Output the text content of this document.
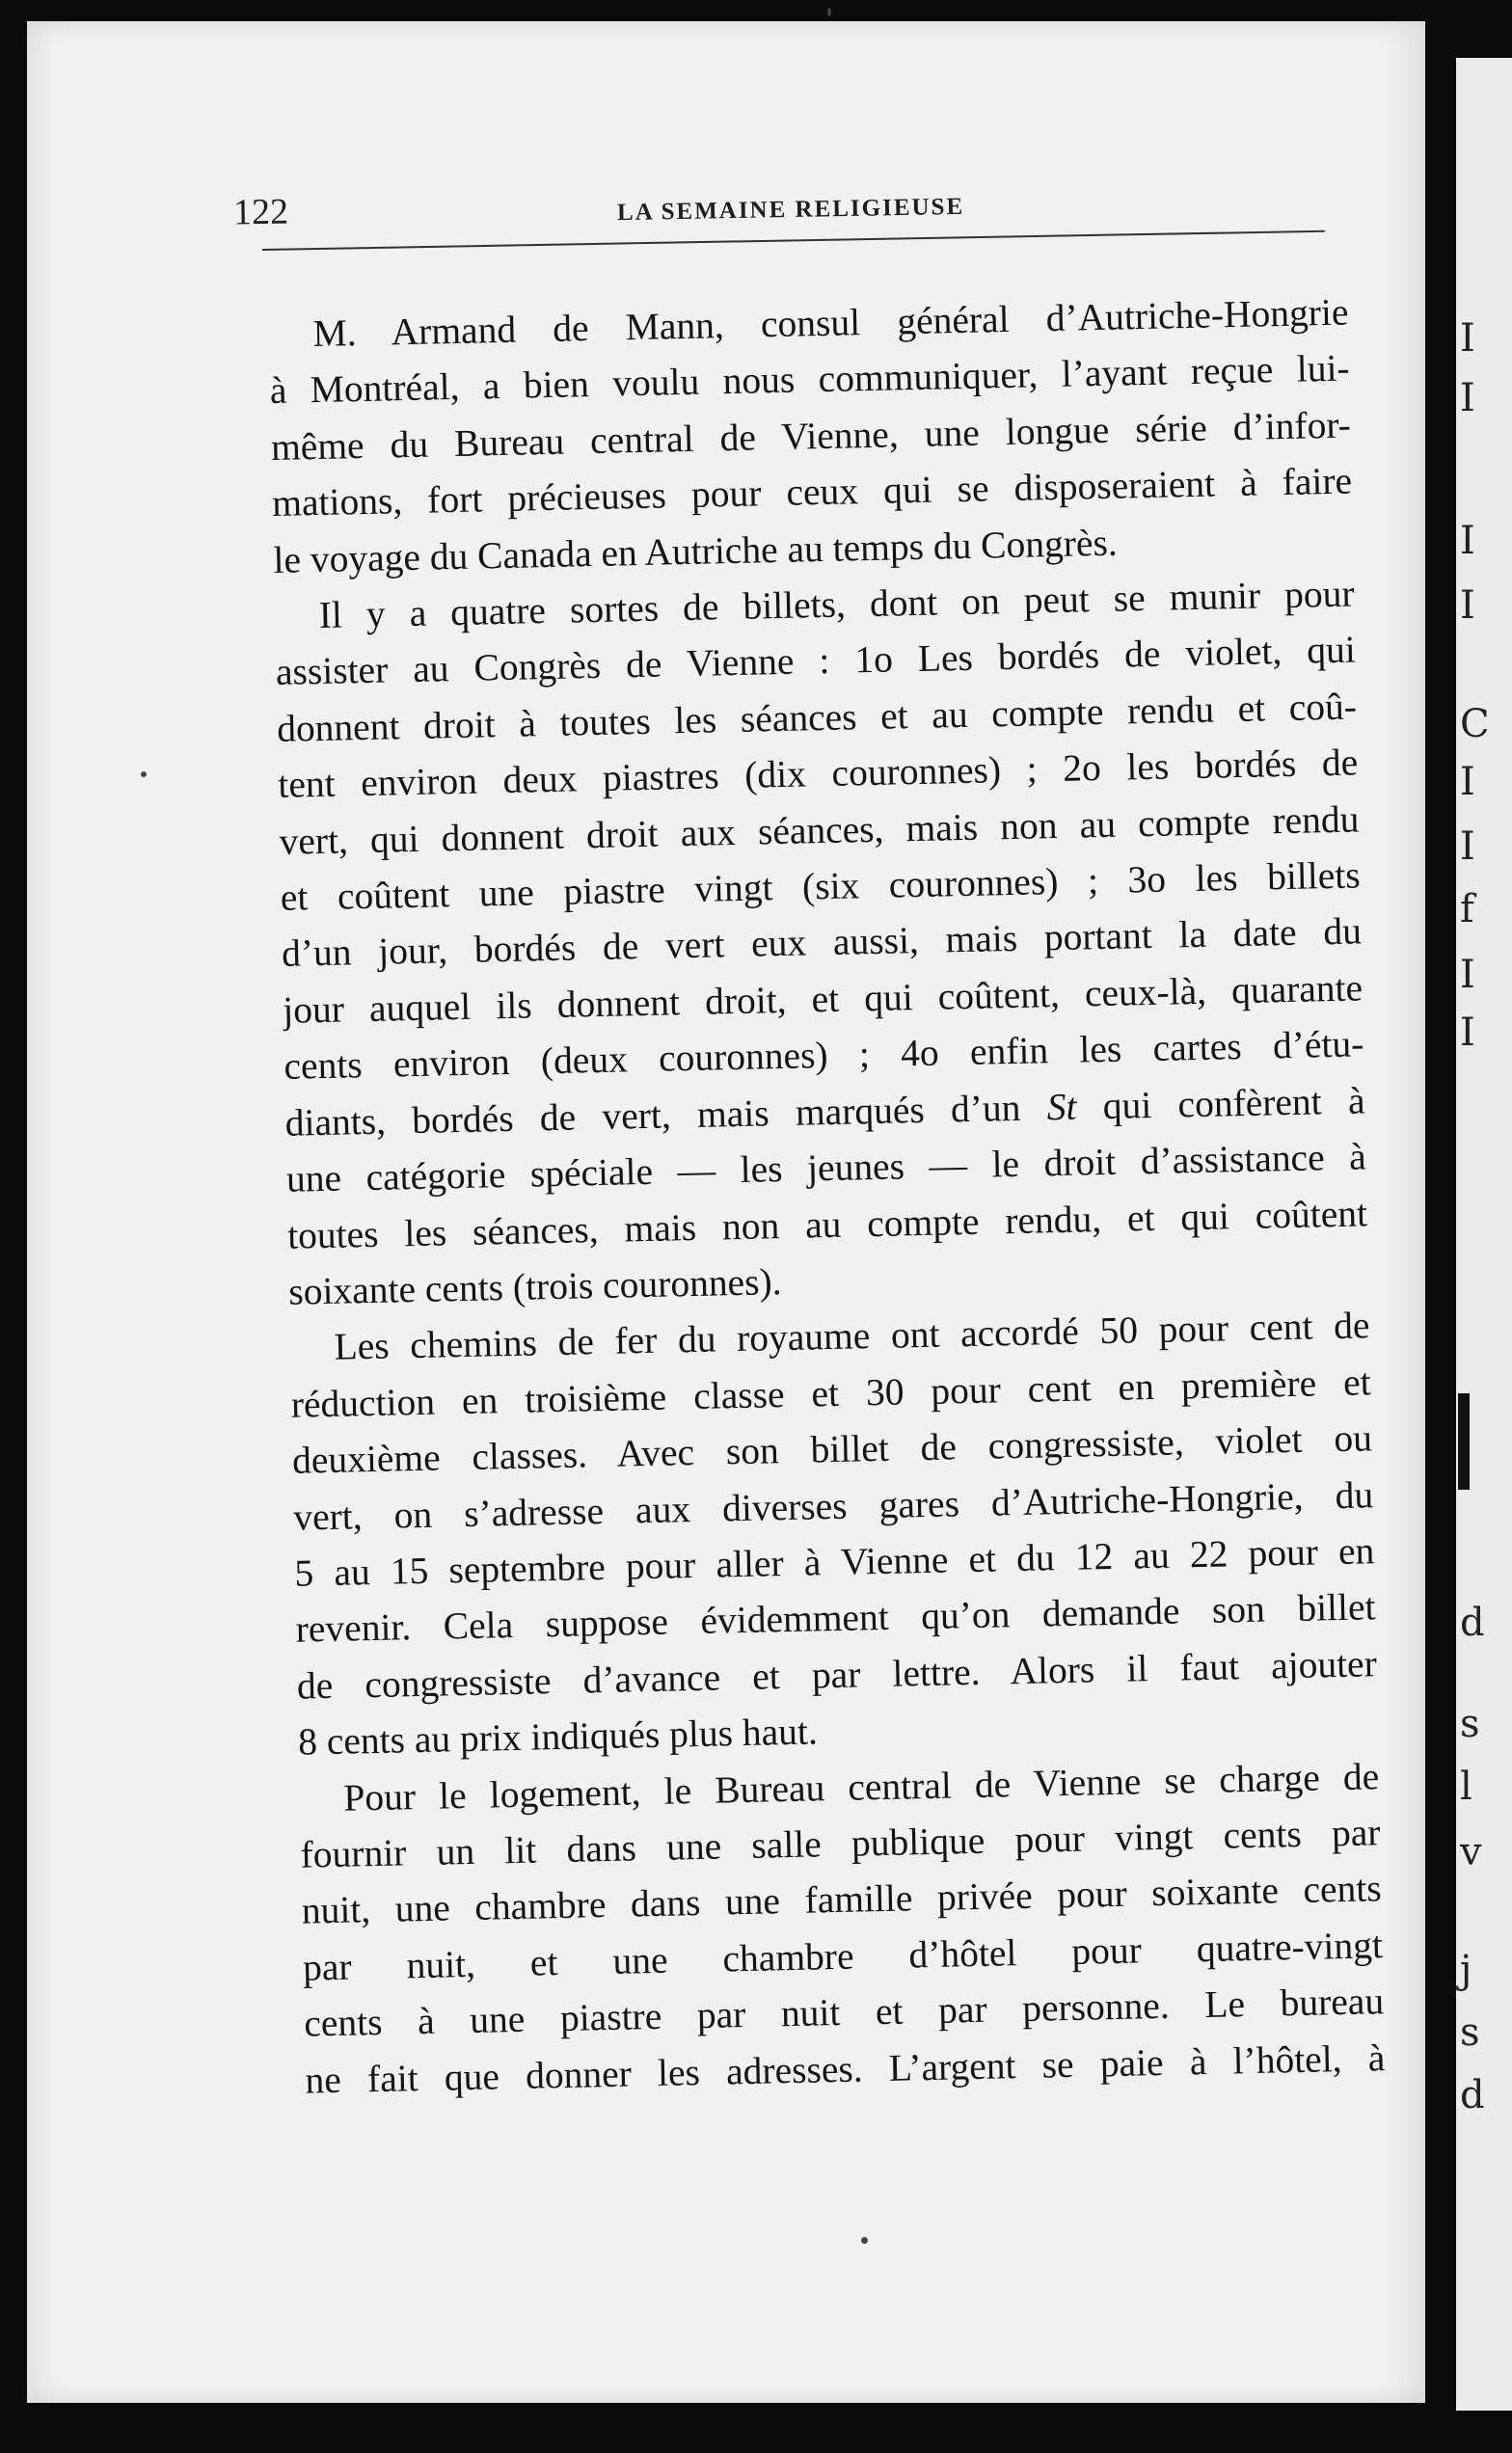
I
I
I
I
C
I
I
f
I
I
d
s
l
v
j
s
d
122	LA SEMAINE RELIGIEUSE

M. Armand de Mann, consul général d’Autriche-Hongrie
à Montréal, a bien voulu nous communiquer, l’ayant reçue lui-
même du Bureau central de Vienne, une longue série d’infor-
mations, fort précieuses pour ceux qui se disposeraient à faire
le voyage du Canada en Autriche au temps du Congrès.

Il y a quatre sortes de billets, dont on peut se munir pour
assister au Congrès de Vienne : 1o Les bordés de violet, qui
donnent droit à toutes les séances et au compte rendu et coû-
tent environ deux piastres (dix couronnes) ; 2o les bordés de
vert, qui donnent droit aux séances, mais non au compte rendu
et coûtent une piastre vingt (six couronnes) ; 3o les billets
d’un jour, bordés de vert eux aussi, mais portant la date du
jour auquel ils donnent droit, et qui coûtent, ceux-là, quarante
cents environ (deux couronnes) ; 4o enfin les cartes d’étu-
diants, bordés de vert, mais marqués d’un St qui confèrent à
une catégorie spéciale — les jeunes — le droit d’assistance à
toutes les séances, mais non au compte rendu, et qui coûtent
soixante cents (trois couronnes).

Les chemins de fer du royaume ont accordé 50 pour cent de
réduction en troisième classe et 30 pour cent en première et
deuxième classes. Avec son billet de congressiste, violet ou
vert, on s’adresse aux diverses gares d’Autriche-Hongrie, du
5 au 15 septembre pour aller à Vienne et du 12 au 22 pour en
revenir. Cela suppose évidemment qu’on demande son billet
de congressiste d’avance et par lettre. Alors il faut ajouter
8 cents au prix indiqués plus haut.

Pour le logement, le Bureau central de Vienne se charge de
fournir un lit dans une salle publique pour vingt cents par
nuit, une chambre dans une famille privée pour soixante cents
par nuit, et une chambre d’hôtel pour quatre-vingt
cents à une piastre par nuit et par personne. Le bureau
ne fait que donner les adresses. L’argent se paie à l’hôtel, à
